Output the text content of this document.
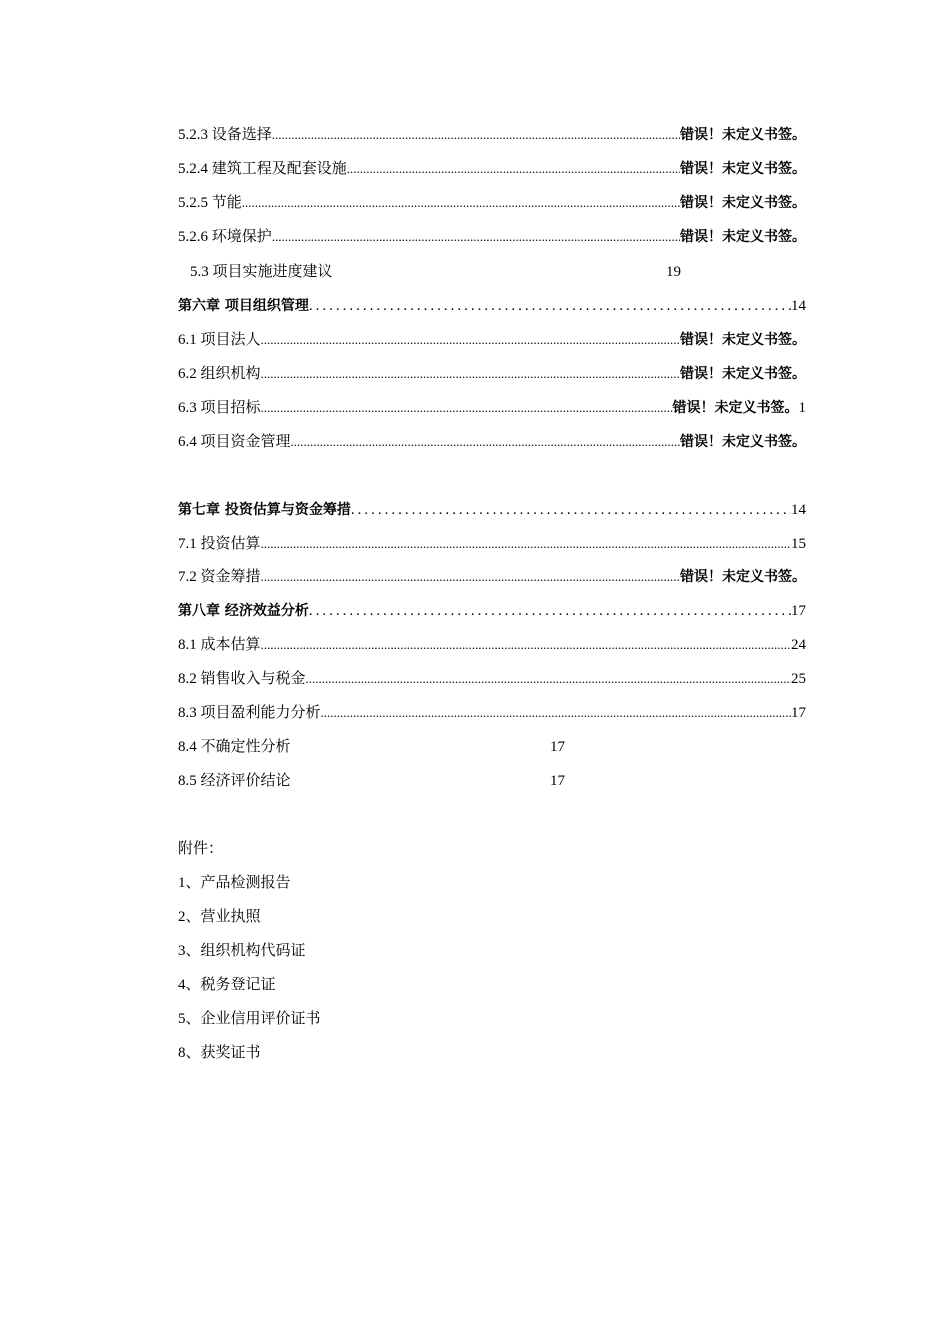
5.2.3 设备选择 .....	错误！未定义书签。
5.2.4 建筑工程及配套设施 .....	错误！未定义书签。
5.2.5 节能 .....	错误！未定义书签。
5.2.6 环境保护 .....	错误！未定义书签。
5.3 项目实施进度建议	19
第六章 项目组织管理 .....	14
6.1 项目法人 .....	错误！未定义书签。
6.2 组织机构 .....	错误！未定义书签。
6.3 项目招标 .....	错误！未定义书签。 1
6.4 项目资金管理 .....	错误！未定义书签。
第七章 投资估算与资金筹措 .....	14
7.1 投资估算 .....	15
7.2 资金筹措 .....	错误！未定义书签。
第八章 经济效益分析 .....	17
8.1 成本估算 .....	24
8.2 销售收入与税金 .....	25
8.3 项目盈利能力分析 .....	17
8.4 不确定性分析	17
8.5 经济评价结论	17
附件：
1、产品检测报告
2、营业执照
3、组织机构代码证
4、税务登记证
5、企业信用评价证书
8、获奖证书
